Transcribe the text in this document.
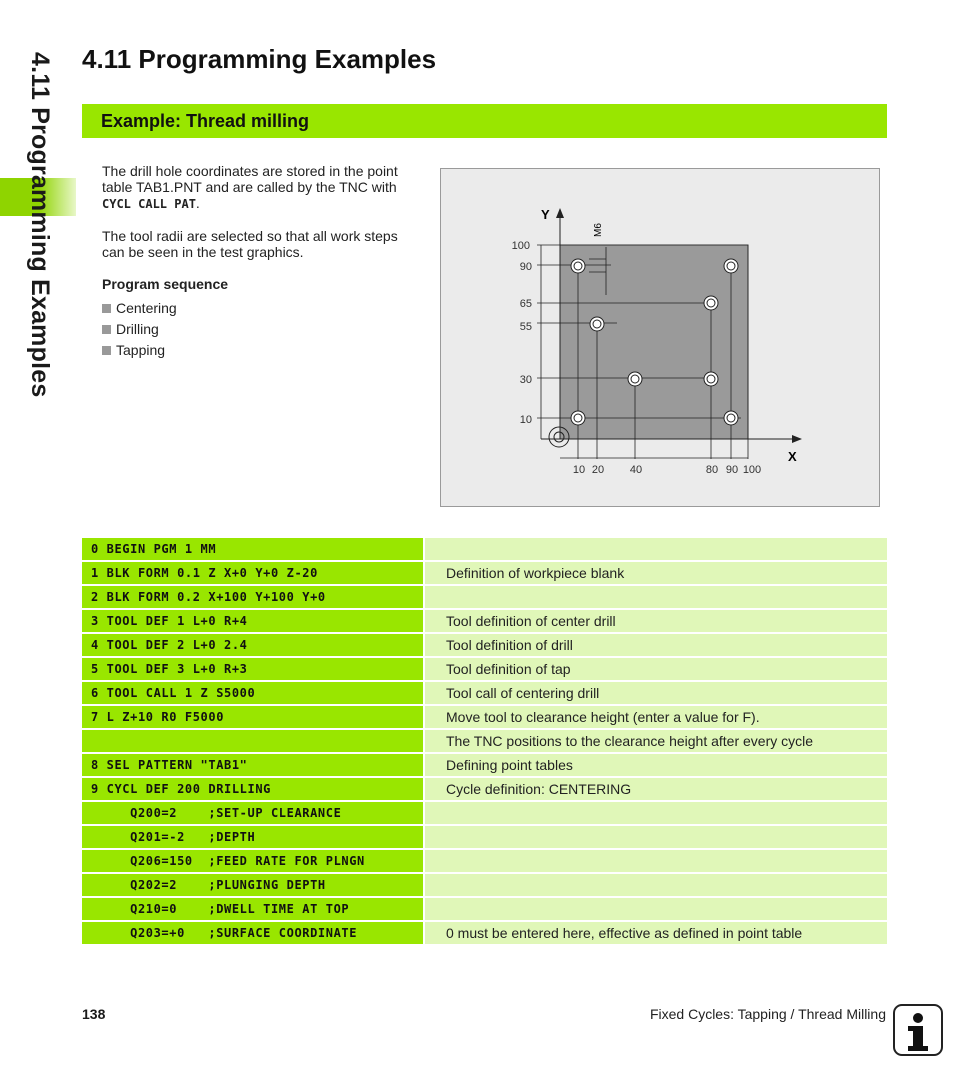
4.11 Programming Examples 4.11 Programming Examples
Example: Thread milling

The drill hole coordinates are stored in the point table TAB1.PNT and are called by the TNC with CYCL CALL PAT.

The tool radii are selected so that all work steps can be seen in the test graphics.

Program sequence
Centering
Drilling
Tapping
Y
X
M6
100
90
65
55
30
10
10 20 40	80 90 100
0 BEGIN PGM 1 MM
1 BLK FORM 0.1 Z X+0 Y+0 Z-20	Definition of workpiece blank
2 BLK FORM 0.2 X+100 Y+100 Y+0
3 TOOL DEF 1 L+0 R+4	Tool definition of center drill
4 TOOL DEF 2 L+0 2.4	Tool definition of drill
5 TOOL DEF 3 L+0 R+3	Tool definition of tap
6 TOOL CALL 1 Z S5000	Tool call of centering drill
7 L Z+10 R0 F5000	Move tool to clearance height (enter a value for F).
The TNC positions to the clearance height after every cycle
8 SEL PATTERN "TAB1"	Defining point tables
9 CYCL DEF 200 DRILLING	Cycle definition: CENTERING
Q200=2    ;SET-UP CLEARANCE
Q201=-2   ;DEPTH
Q206=150  ;FEED RATE FOR PLNGN
Q202=2    ;PLUNGING DEPTH
Q210=0    ;DWELL TIME AT TOP
Q203=+0   ;SURFACE COORDINATE	0 must be entered here, effective as defined in point table
138	Fixed Cycles: Tapping / Thread Milling
